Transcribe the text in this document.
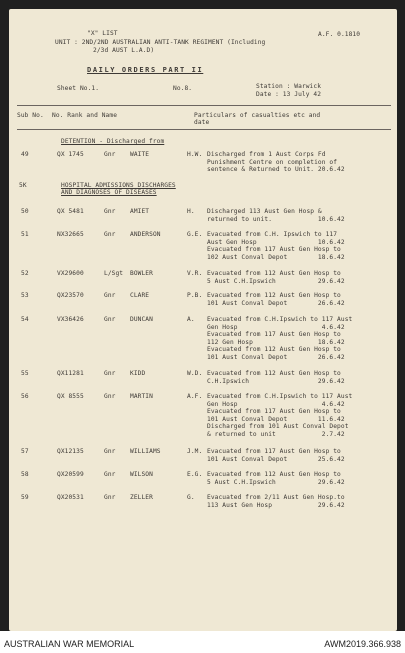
"X" LIST	A.F. 0.1810
UNIT : 2ND/2ND AUSTRALIAN ANTI-TANK REGIMENT (Including
2/3d AUST L.A.D)
DAILY ORDERS PART II
Sheet No.1.	No.8.	Station : Warwick
Date : 13 July 42
Sub No. No. Rank and Name	Particulars of casualties etc and
date
DETENTION - Discharged from
5K	HOSPITAL ADMISSIONS DISCHARGES
AND DIAGNOSES OF DISEASES
49	QX 1745	Gnr WAITE	H.W. Discharged from 1 Aust Corps Fd
Punishment Centre on completion of
sentence & Returned to Unit. 20.6.42
50	QX 5481	Gnr AMIET	H. Discharged 113 Aust Gen Hosp &
returned to unit.            10.6.42
51	NX32665	Gnr ANDERSON	G.E. Evacuated from C.H. Ipswich to 117
Aust Gen Hosp                10.6.42
Evacuated from 117 Aust Gen Hosp to
102 Aust Conval Depot        18.6.42
52	VX29600	L/Sgt BOWLER	V.R. Evacuated from 112 Aust Gen Hosp to
5 Aust C.H.Ipswich           29.6.42
53	QX23570	Gnr CLARE	P.B. Evacuated from 112 Aust Gen Hosp to
101 Aust Conval Depot        26.6.42
54	VX36426	Gnr DUNCAN	A. Evacuated from C.H.Ipswich to 117 Aust
Gen Hosp                      4.6.42
Evacuated from 117 Aust Gen Hosp to
112 Gen Hosp                 18.6.42
Evacuated from 112 Aust Gen Hosp to
101 Aust Conval Depot        26.6.42
55	QX11281	Gnr KIDD	W.D. Evacuated from 112 Aust Gen Hosp to
C.H.Ipswich                  29.6.42
56	QX 8555	Gnr MARTIN	A.F. Evacuated from C.H.Ipswich to 117 Aust
Gen Hosp                      4.6.42
Evacuated from 117 Aust Gen Hosp to
101 Aust Conval Depot        11.6.42
Discharged from 101 Aust Conval Depot
& returned to unit            2.7.42
57	QX12135	Gnr WILLIAMS	J.M. Evacuated from 117 Aust Gen Hosp to
101 Aust Conval Depot        25.6.42
58	QX20599	Gnr WILSON	E.G. Evacuated from 112 Aust Gen Hosp to
5 Aust C.H.Ipswich           29.6.42
59	QX20531	Gnr ZELLER	G. Evacuated from 2/11 Aust Gen Hosp.to
113 Aust Gen Hosp            29.6.42
AUSTRALIAN WAR MEMORIAL	AWM2019.366.938
